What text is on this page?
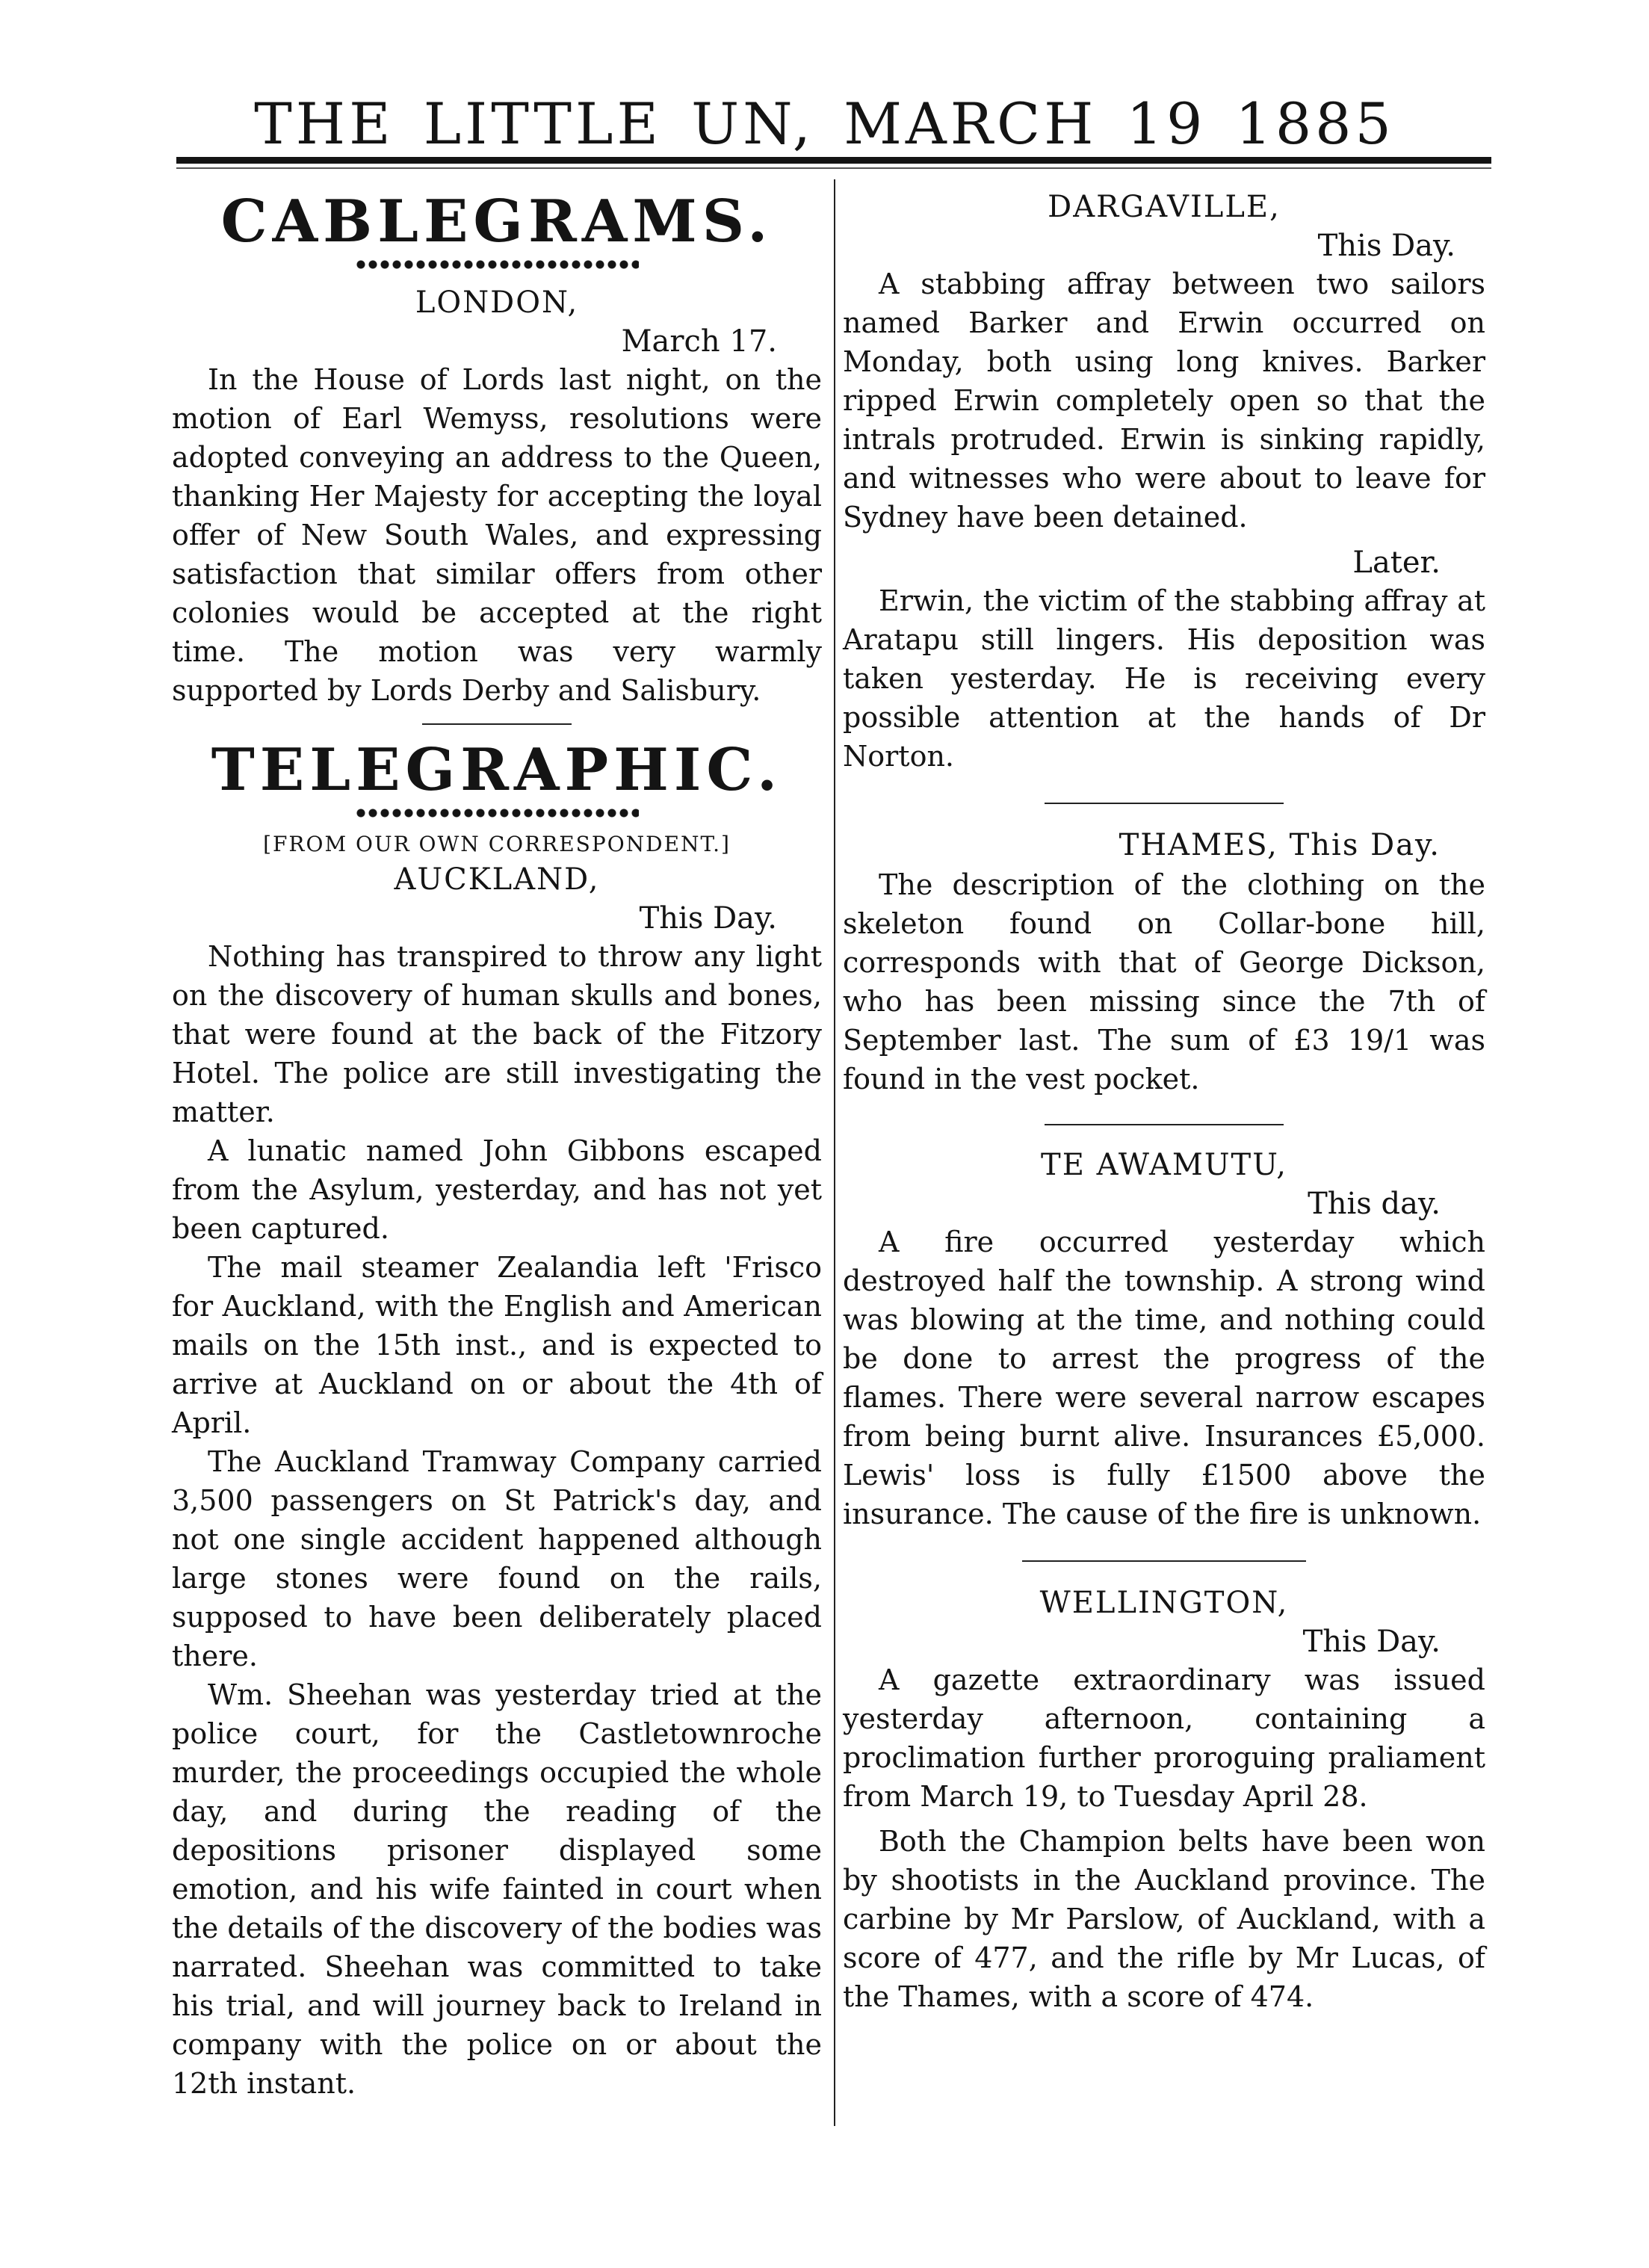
THE LITTLE UN, MARCH 19 1885
CABLEGRAMS.
LONDON,
March 17.

In the House of Lords last night, on the motion of Earl Wemyss, resolutions were adopted conveying an address to the Queen, thanking Her Majesty for accepting the loyal offer of New South Wales, and expressing satisfaction that similar offers from other colonies would be accepted at the right time. The motion was very warmly supported by Lords Derby and Salisbury.

TELEGRAPHIC.
[FROM OUR OWN CORRESPONDENT.]
AUCKLAND,
This Day.

Nothing has transpired to throw any light on the discovery of human skulls and bones, that were found at the back of the Fitzory Hotel. The police are still investigating the matter.

A lunatic named John Gibbons escaped from the Asylum, yesterday, and has not yet been captured.

The mail steamer Zealandia left 'Frisco for Auckland, with the English and American mails on the 15th inst., and is expected to arrive at Auckland on or about the 4th of April.

The Auckland Tramway Company carried 3,500 passengers on St Patrick's day, and not one single accident happened although large stones were found on the rails, supposed to have been deliberately placed there.

Wm. Sheehan was yesterday tried at the police court, for the Castletownroche murder, the proceedings occupied the whole day, and during the reading of the depositions prisoner displayed some emotion, and his wife fainted in court when the details of the discovery of the bodies was narrated. Sheehan was committed to take his trial, and will journey back to Ireland in company with the police on or about the 12th instant.

DARGAVILLE,
This Day.

A stabbing affray between two sailors named Barker and Erwin occurred on Monday, both using long knives. Barker ripped Erwin completely open so that the intrals protruded. Erwin is sinking rapidly, and witnesses who were about to leave for Sydney have been detained.

Later.

Erwin, the victim of the stabbing affray at Aratapu still lingers. His deposition was taken yesterday. He is receiving every possible attention at the hands of Dr Norton.

THAMES, This Day.

The description of the clothing on the skeleton found on Collar-bone hill, corresponds with that of George Dickson, who has been missing since the 7th of September last. The sum of £3 19/1 was found in the vest pocket.

TE AWAMUTU,
This day.

A fire occurred yesterday which destroyed half the township. A strong wind was blowing at the time, and nothing could be done to arrest the progress of the flames. There were several narrow escapes from being burnt alive. Insurances £5,000. Lewis' loss is fully £1500 above the insurance. The cause of the fire is unknown.

WELLINGTON,
This Day.

A gazette extraordinary was issued yesterday afternoon, containing a proclimation further proroguing praliament from March 19, to Tuesday April 28.

Both the Champion belts have been won by shootists in the Auckland province. The carbine by Mr Parslow, of Auckland, with a score of 477, and the rifle by Mr Lucas, of the Thames, with a score of 474.
